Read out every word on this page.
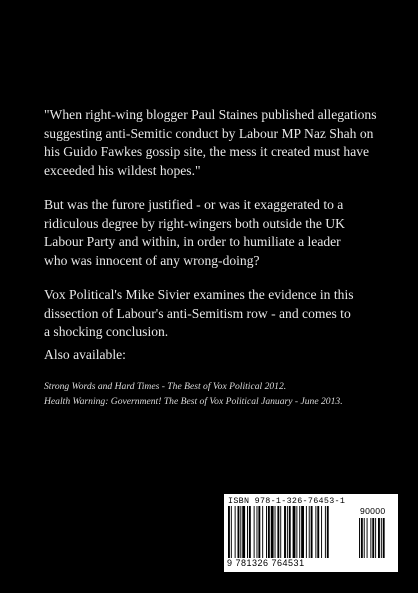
"When right-wing blogger Paul Staines published allegations
suggesting anti-Semitic conduct by Labour MP Naz Shah on
his Guido Fawkes gossip site, the mess it created must have
exceeded his wildest hopes."

But was the furore justified - or was it exaggerated to a
ridiculous degree by right-wingers both outside the UK
Labour Party and within, in order to humiliate a leader
who was innocent of any wrong-doing?

Vox Political's Mike Sivier examines the evidence in this
dissection of Labour's anti-Semitism row - and comes to
a shocking conclusion.

Also available:

Strong Words and Hard Times - The Best of Vox Political 2012.
Health Warning: Government! The Best of Vox Political January - June 2013.
ISBN 978-1-326-76453-1
90000
9 781326 764531
